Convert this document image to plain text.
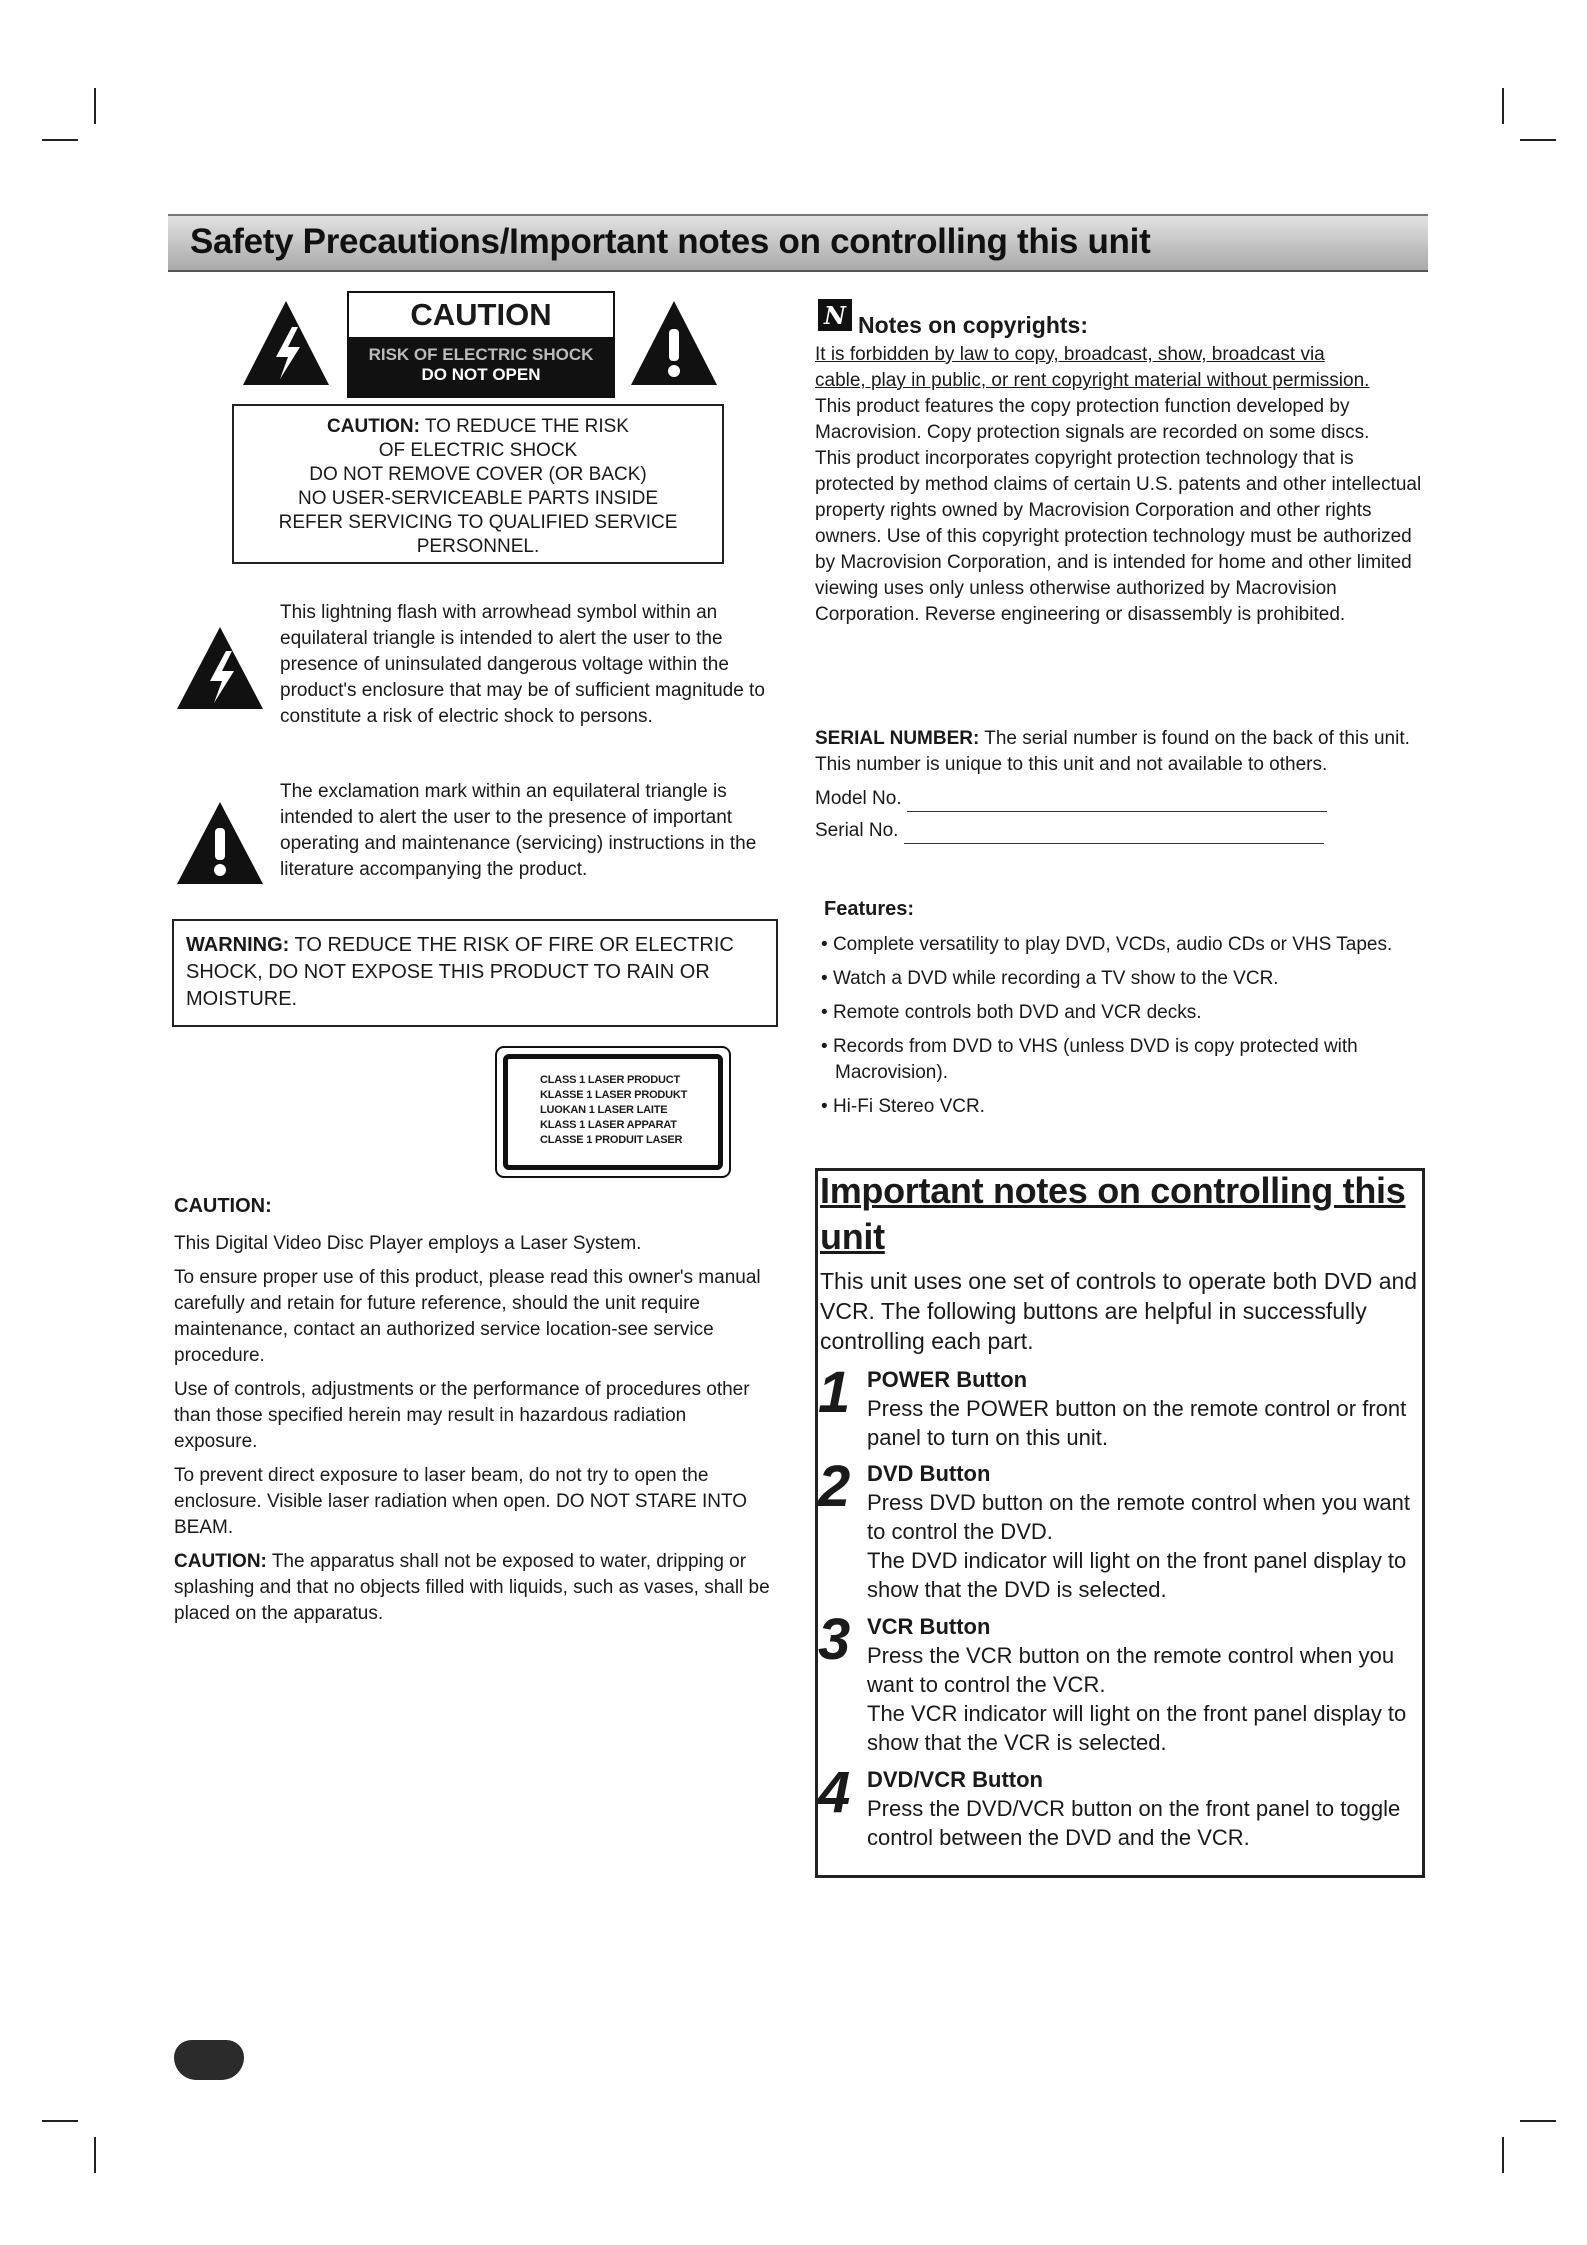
Safety Precautions/Important notes on controlling this unit
CAUTION
RISK OF ELECTRIC SHOCK
DO NOT OPEN
CAUTION: TO REDUCE THE RISK
OF ELECTRIC SHOCK
DO NOT REMOVE COVER (OR BACK)
NO USER-SERVICEABLE PARTS INSIDE
REFER SERVICING TO QUALIFIED SERVICE
PERSONNEL.
This lightning flash with arrowhead symbol within an equilateral triangle is intended to alert the user to the presence of uninsulated dangerous voltage within the product's enclosure that may be of sufficient magnitude to constitute a risk of electric shock to persons.
The exclamation mark within an equilateral triangle is intended to alert the user to the presence of important operating and maintenance (servicing) instructions in the literature accompanying the product.
WARNING: TO REDUCE THE RISK OF FIRE OR ELECTRIC SHOCK, DO NOT EXPOSE THIS PRODUCT TO RAIN OR MOISTURE.
CLASS 1 LASER PRODUCT
KLASSE 1 LASER PRODUKT
LUOKAN 1 LASER LAITE
KLASS 1 LASER APPARAT
CLASSE 1 PRODUIT LASER

CAUTION:

This Digital Video Disc Player employs a Laser System.

To ensure proper use of this product, please read this owner's manual carefully and retain for future reference, should the unit require maintenance, contact an authorized service location-see service procedure.

Use of controls, adjustments or the performance of procedures other than those specified herein may result in hazardous radiation exposure.

To prevent direct exposure to laser beam, do not try to open the enclosure. Visible laser radiation when open. DO NOT STARE INTO BEAM.

CAUTION: The apparatus shall not be exposed to water, dripping or splashing and that no objects filled with liquids, such as vases, shall be placed on the apparatus.

N Notes on copyrights:
It is forbidden by law to copy, broadcast, show, broadcast via cable, play in public, or rent copyright material without permission.
This product features the copy protection function developed by Macrovision. Copy protection signals are recorded on some discs.
This product incorporates copyright protection technology that is protected by method claims of certain U.S. patents and other intellectual property rights owned by Macrovision Corporation and other rights owners. Use of this copyright protection technology must be authorized by Macrovision Corporation, and is intended for home and other limited viewing uses only unless otherwise authorized by Macrovision Corporation. Reverse engineering or disassembly is prohibited.
SERIAL NUMBER: The serial number is found on the back of this unit. This number is unique to this unit and not available to others.
Model No.
Serial No.
Features:
• Complete versatility to play DVD, VCDs, audio CDs or VHS Tapes.
• Watch a DVD while recording a TV show to the VCR.
• Remote controls both DVD and VCR decks.
• Records from DVD to VHS (unless DVD is copy protected with Macrovision).
• Hi-Fi Stereo VCR.
Important notes on controlling this
unit
This unit uses one set of controls to operate both DVD and VCR. The following buttons are helpful in successfully controlling each part.
1 POWER Button
Press the POWER button on the remote control or front panel to turn on this unit.
2 DVD Button
Press DVD button on the remote control when you want to control the DVD.
The DVD indicator will light on the front panel display to show that the DVD is selected.
3 VCR Button
Press the VCR button on the remote control when you want to control the VCR.
The VCR indicator will light on the front panel display to show that the VCR is selected.
4 DVD/VCR Button
Press the DVD/VCR button on the front panel to toggle control between the DVD and the VCR.
